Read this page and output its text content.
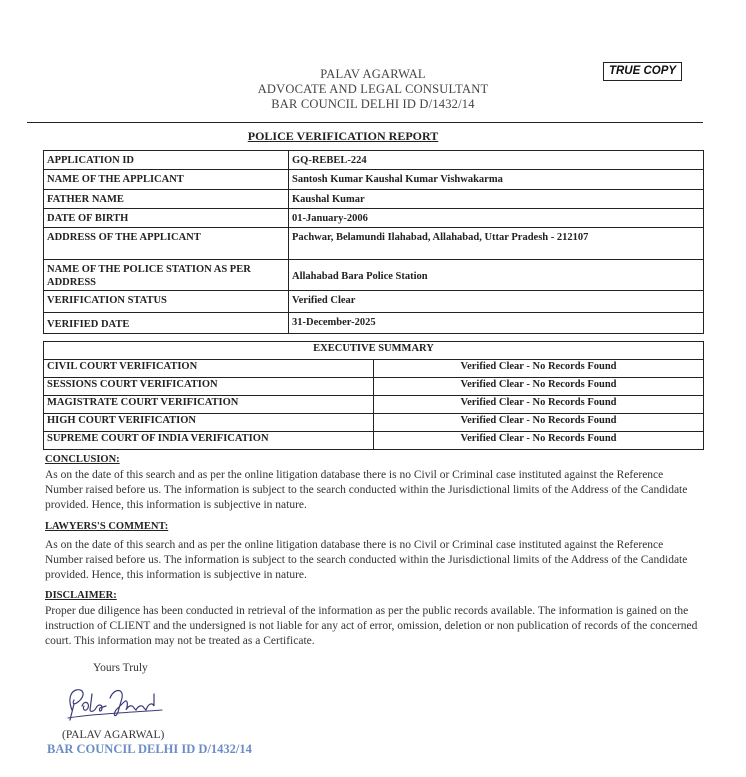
PALAV AGARWAL
ADVOCATE AND LEGAL CONSULTANT
BAR COUNCIL DELHI ID D/1432/14
TRUE COPY
POLICE VERIFICATION REPORT
APPLICATION ID	GQ-REBEL-224
NAME OF THE APPLICANT	Santosh Kumar Kaushal Kumar Vishwakarma
FATHER NAME	Kaushal Kumar
DATE OF BIRTH	01-January-2006
ADDRESS OF THE APPLICANT	Pachwar, Belamundi Ilahabad, Allahabad, Uttar Pradesh - 212107
NAME OF THE POLICE STATION AS PER ADDRESS	Allahabad Bara Police Station
VERIFICATION STATUS	Verified Clear
VERIFIED DATE	31-December-2025
EXECUTIVE SUMMARY	
CIVIL COURT VERIFICATION	Verified Clear - No Records Found
SESSIONS COURT VERIFICATION	Verified Clear - No Records Found
MAGISTRATE COURT VERIFICATION	Verified Clear - No Records Found
HIGH COURT VERIFICATION	Verified Clear - No Records Found
SUPREME COURT OF INDIA VERIFICATION	Verified Clear - No Records Found
CONCLUSION:
As on the date of this search and as per the online litigation database there is no Civil or Criminal case instituted against the Reference Number raised before us. The information is subject to the search conducted within the Jurisdictional limits of the Address of the Candidate provided. Hence, this information is subjective in nature.
LAWYERS'S COMMENT:
As on the date of this search and as per the online litigation database there is no Civil or Criminal case instituted against the Reference Number raised before us. The information is subject to the search conducted within the Jurisdictional limits of the Address of the Candidate provided. Hence, this information is subjective in nature.
DISCLAIMER:
Proper due diligence has been conducted in retrieval of the information as per the public records available. The information is gained on the instruction of CLIENT and the undersigned is not liable for any act of error, omission, deletion or non publication of records of the concerned court. This information may not be treated as a Certificate.
Yours Truly
(PALAV AGARWAL)
BAR COUNCIL DELHI ID D/1432/14
